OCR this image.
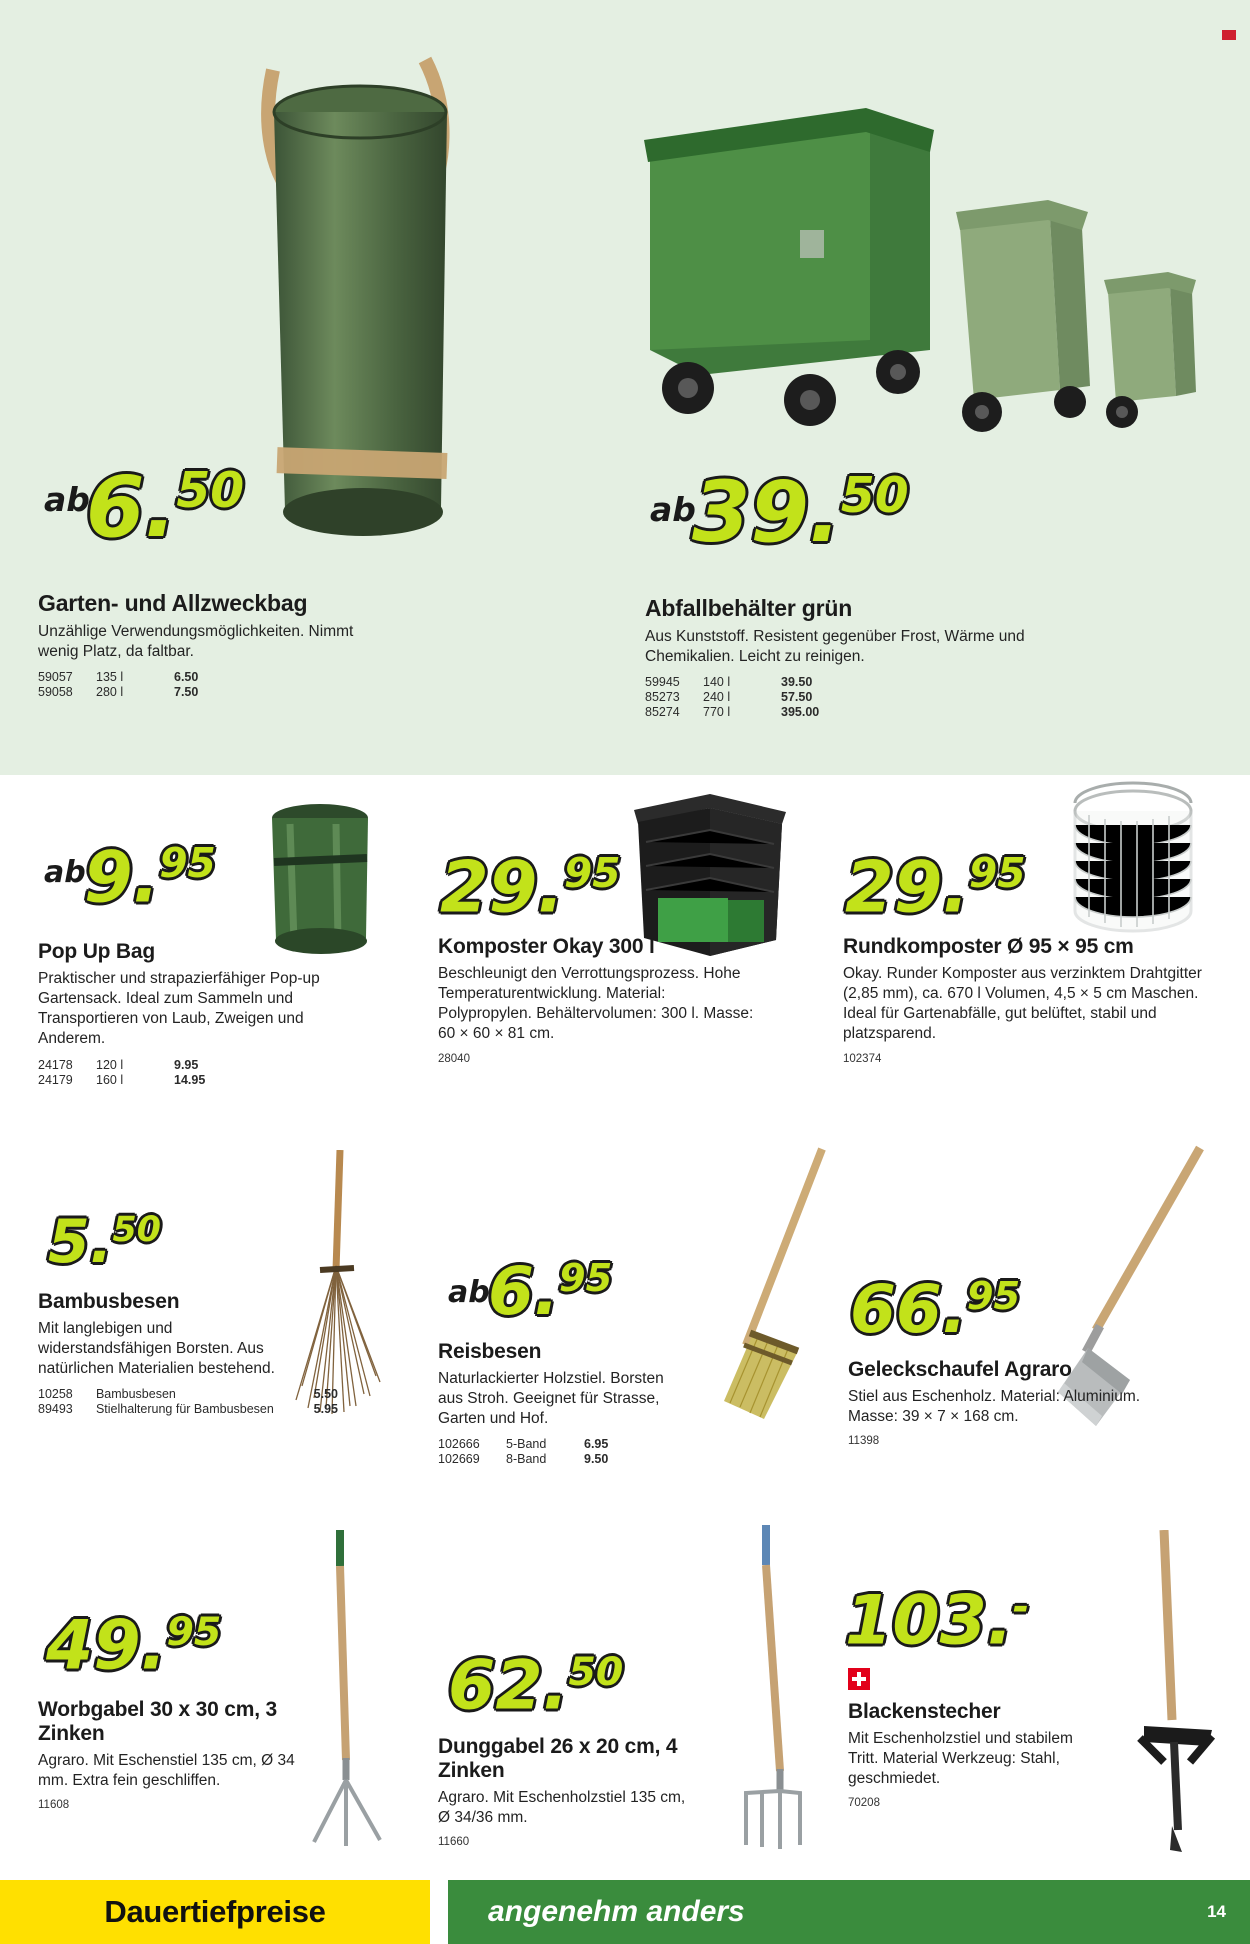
ab
6.50
Garten- und Allzweckbag
Unzählige Verwendungsmöglichkeiten. Nimmt wenig Platz, da faltbar.
59057	135 l	6.50
59058	280 l	7.50
ab
39.50
Abfallbehälter grün
Aus Kunststoff. Resistent gegenüber Frost, Wärme und Chemikalien. Leicht zu reinigen.
59945	140 l	39.50
85273	240 l	57.50
85274	770 l	395.00
ab
9.95
Pop Up Bag
Praktischer und strapazierfähiger Pop-up Gartensack. Ideal zum Sammeln und Transportieren von Laub, Zweigen und Anderem.
24178	120 l	9.95
24179	160 l	14.95
29.95
Komposter Okay 300 l
Beschleunigt den Verrottungsprozess. Hohe Temperaturentwicklung. Material: Polypropylen. Behältervolumen: 300 l. Masse: 60 × 60 × 81 cm.
28040
29.95
Rundkomposter Ø 95 × 95 cm
Okay. Runder Komposter aus verzinktem Drahtgitter (2,85 mm), ca. 670 l Volumen, 4,5 × 5 cm Maschen. Ideal für Gartenabfälle, gut belüftet, stabil und platzsparend.
102374
5.50
Bambusbesen
Mit langlebigen und widerstandsfähigen Borsten. Aus natürlichen Materialien bestehend.
10258	Bambusbesen	5.50
89493	Stielhalterung für Bambusbesen	5.95
ab
6.95
Reisbesen
Naturlackierter Holzstiel. Borsten aus Stroh. Geeignet für Strasse, Garten und Hof.
102666	5-Band	6.95
102669	8-Band	9.50
66.95
Geleckschaufel Agraro
Stiel aus Eschenholz. Material: Aluminium. Masse: 39 × 7 × 168 cm.
11398
49.95
Worbgabel 30 x 30 cm, 3 Zinken
Agraro. Mit Eschenstiel 135 cm, Ø 34 mm. Extra fein geschliffen.
11608
62.50
Dunggabel 26 x 20 cm, 4 Zinken
Agraro. Mit Eschenholzstiel 135 cm, Ø 34/36 mm.
11660
103.-
Blackenstecher
Mit Eschenholzstiel und stabilem Tritt. Material Werkzeug: Stahl, geschmiedet.
70208
Dauertiefpreise	angenehm anders	14
